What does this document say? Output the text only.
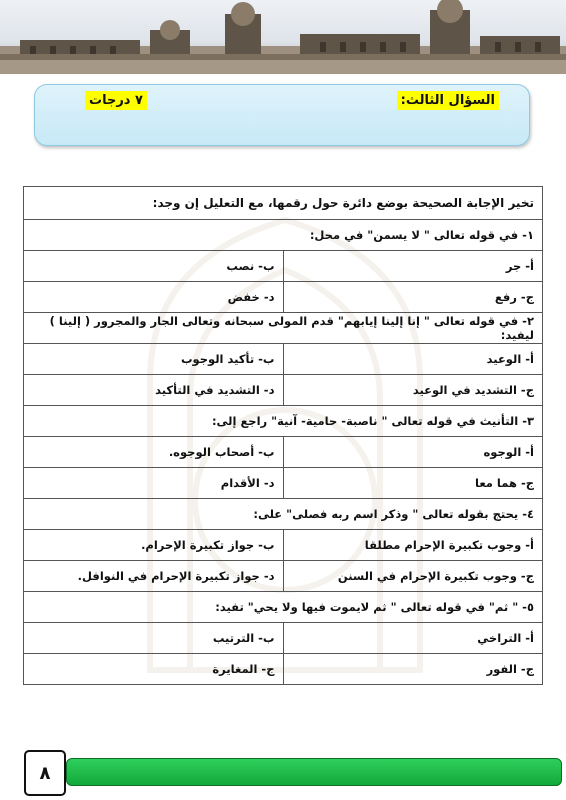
السؤال الثالث:
٧ درجات
تخير الإجابة الصحيحة بوضع دائرة حول رقمها، مع التعليل إن وجد:	
١- في قوله تعالى " لا يسمن" في محل:	
أ- جر	ب- نصب
ج- رفع	د- خفض
٢- في قوله تعالى " إنا إلينا إيابهم" قدم المولى سبحانه وتعالى الجار والمجرور ( إلينا ) ليفيد:	
أ- الوعيد	ب- تأكيد الوجوب
ج- التشديد في الوعيد	د- التشديد في التأكيد
٣- التأنيث في قوله تعالى " ناصبة- حامية- آنية" راجع إلى:	
أ- الوجوه	ب- أصحاب الوجوه.
ج- هما معا	د- الأقدام
٤- يحتج بقوله تعالى " وذكر اسم ربه فصلى" على:	
أ- وجوب تكبيرة الإحرام مطلقا	ب- جواز تكبيرة الإحرام.
ج- وجوب تكبيرة الإحرام في السنن	د- جواز تكبيرة الإحرام في النوافل.
٥- " ثم" في قوله تعالى " ثم لايموت فيها ولا يحي" تفيد:	
أ- التراخي	ب- الترتيب
ج- الفور	ج- المغايرة
٨
